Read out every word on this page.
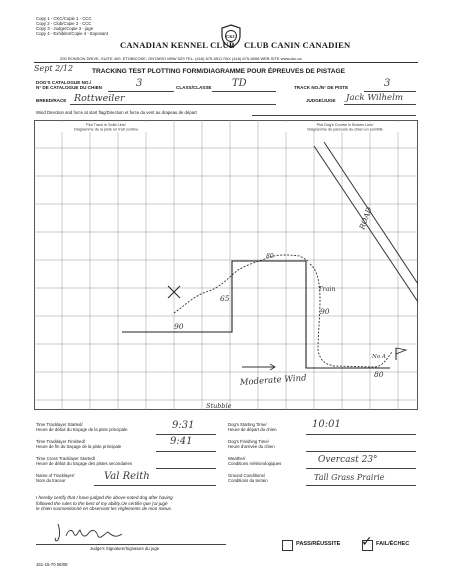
Copy 1 - CKC/Copie 1 - CCC
Copy 2 - Club/Copie 2 - CCC
Copy 3 - Judge/Copie 3 - juge
Copy 4 - Exhibitor/Copie 4 - Exposant
CANADIAN KENNEL CLUB
CKC
CLUB CANIN CANADIEN
200 RONSON DRIVE, SUITE 400, ETOBICOKE, ONTARIO M9W 5Z9 TEL. (416) 675-5511 FAX (416) 675-6506 WEB SITE www.ckc.ca
Sept 2/12	TRACKING TEST PLOTTING FORM/DIAGRAMME POUR ÉPREUVES DE PISTAGE
DOG'S CATALOGUE NO./
N° DE CATALOGUE DU CHIEN	3	CLASS/CLASSE TD	TRACK NO./N° DE PISTE	3
BREED/RACE Rottweiler	JUDGE/JUGE Jack Wilhelm
Wind Direction and force at start flag/Direction et force du vent au drapeau de départ
Plot Track in Solid Line/
Diagramme de la piste en trait continu
Plot Dog's Course in Broken Line/
Diagramme du parcours du chien en pointillé
ROAD
65
90
80
90
80
Train
No A
Moderate Wind
Stubble
Time Tracklayer Started/
Heure de début du traçage de la piste principale	9:31
Time Tracklayer Finished/
Heure de fin du traçage de la piste principale	9:41
Time Cross Tracklayer Started/
Heure de début du traçage des pistes secondaires
Name of Tracklayer/
Nom du traceur	Val Reith
Dog's Starting Time/
Heure de départ du chien	10:01
Dog's Finishing Time/
Heure d'arrivée du chien
Weather/
Conditions météorologiques	Overcast 23°
Ground Conditions/
Conditions du terrain	Tall Grass Prairie
I hereby certify that I have judged the above-noted dog after having
followed the rules to the best of my ability./Je certifie que j'ai jugé
le chien susmentionné en observant les règlements de mon mieux.
Judge's Signature/Signature du juge
PASS/RÉUSSITE ✓ FAIL/ÉCHEC
151-15-70 08/08
